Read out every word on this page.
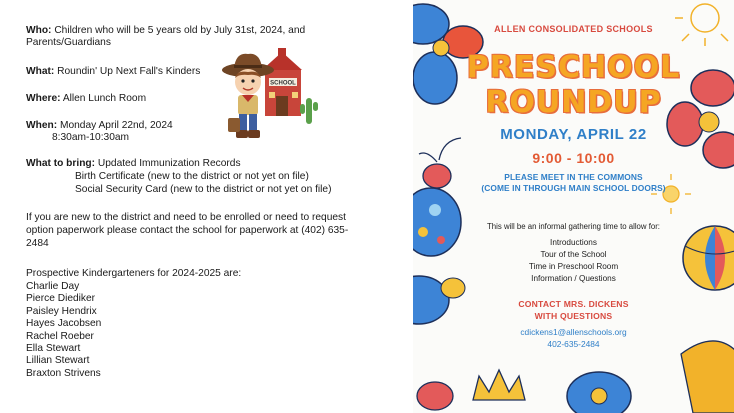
Who: Children who will be 5 years old by July 31st, 2024, and
Parents/Guardians
What: Roundin' Up Next Fall's Kinders
Where: Allen Lunch Room
When: Monday April 22nd, 2024
8:30am-10:30am
What to bring: Updated Immunization Records
Birth Certificate (new to the district or not yet on file)
Social Security Card (new to the district or not yet on file)
If you are new to the district and need to be enrolled or need to request
option paperwork please contact the school for paperwork at (402) 635-
2484
Prospective Kindergarteners for 2024-2025 are:
Charlie Day
Pierce Diediker
Paisley Hendrix
Hayes Jacobsen
Rachel Roeber
Ella Stewart
Lillian Stewart
Braxton Strivens
SCHOOL
ALLEN CONSOLIDATED SCHOOLS
PRESCHOOL
ROUNDUP
MONDAY, APRIL 22
9:00 - 10:00
PLEASE MEET IN THE COMMONS
(COME IN THROUGH MAIN SCHOOL DOORS)
This will be an informal gathering time to allow for:
Introductions
Tour of the School
Time in Preschool Room
Information / Questions
CONTACT MRS. DICKENS
WITH QUESTIONS
cdickens1@allenschools.org
402-635-2484
